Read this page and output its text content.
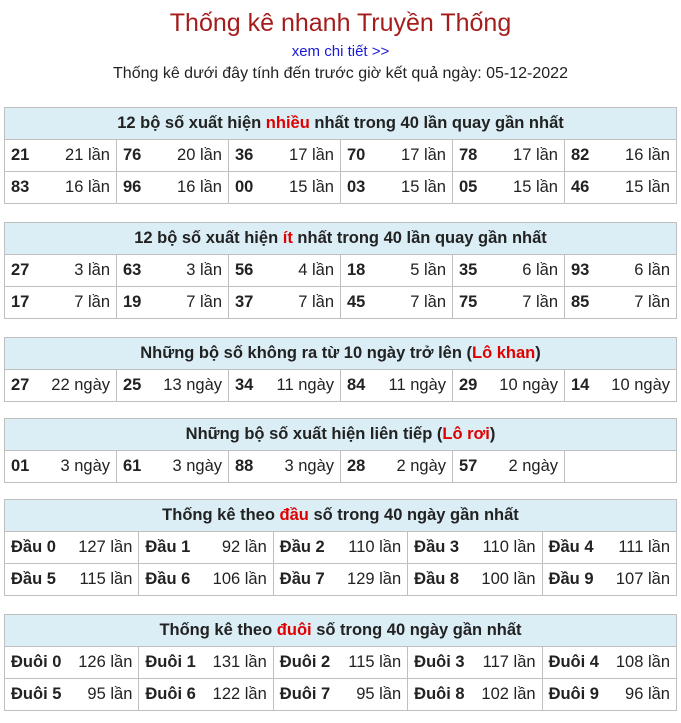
Thống kê nhanh Truyền Thống
xem chi tiết >>
Thống kê dưới đây tính đến trước giờ kết quả ngày: 05-12-2022
12 bộ số xuất hiện nhiều nhất trong 40 lần quay gần nhất					
21 21 lần	76 20 lần	36 17 lần	70 17 lần	78 17 lần	82 16 lần

83 16 lần	96 16 lần	00 15 lần	03 15 lần	05 15 lần	46 15 lần
12 bộ số xuất hiện ít nhất trong 40 lần quay gần nhất					
27 3 lần	63 3 lần	56 4 lần	18 5 lần	35 6 lần	93 6 lần

17 7 lần	19 7 lần	37 7 lần	45 7 lần	75 7 lần	85 7 lần
Những bộ số không ra từ 10 ngày trở lên (Lô khan)
27 22 ngày	25 13 ngày	34 11 ngày	84 11 ngày	29 10 ngày	14 10 ngày
Những bộ số xuất hiện liên tiếp (Lô rơi)
01 3 ngày	61 3 ngày	88 3 ngày	28 2 ngày	57 2 ngày

Thống kê theo đầu số trong 40 ngày gần nhất				
Đầu 0 127 lần	Đầu 1 92 lần	Đầu 2 110 lần	Đầu 3 110 lần	Đầu 4 111 lần

Đầu 5 115 lần	Đầu 6 106 lần	Đầu 7 129 lần	Đầu 8 100 lần	Đầu 9 107 lần
Thống kê theo đuôi số trong 40 ngày gần nhất				
Đuôi 0 126 lần	Đuôi 1 131 lần	Đuôi 2 115 lần	Đuôi 3 117 lần	Đuôi 4 108 lần

Đuôi 5 95 lần	Đuôi 6 122 lần	Đuôi 7 95 lần	Đuôi 8 102 lần	Đuôi 9 96 lần
